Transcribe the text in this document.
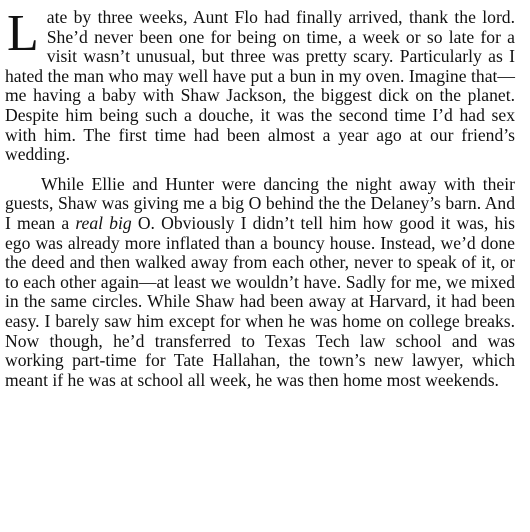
Late by three weeks, Aunt Flo had finally arrived, thank the lord. She’d never been one for being on time, a week or so late for a visit wasn’t unusual, but three was pretty scary. Particularly as I hated the man who may well have put a bun in my oven. Imagine that—me having a baby with Shaw Jackson, the biggest dick on the planet. Despite him being such a douche, it was the second time I’d had sex with him. The first time had been almost a year ago at our friend’s wedding.

While Ellie and Hunter were dancing the night away with their guests, Shaw was giving me a big O behind the the Delaney’s barn. And I mean a real big O. Obviously I didn’t tell him how good it was, his ego was already more inflated than a bouncy house. Instead, we’d done the deed and then walked away from each other, never to speak of it, or to each other again—at least we wouldn’t have. Sadly for me, we mixed in the same circles. While Shaw had been away at Harvard, it had been easy. I barely saw him except for when he was home on college breaks. Now though, he’d transferred to Texas Tech law school and was working part-time for Tate Hallahan, the town’s new lawyer, which meant if he was at school all week, he was then home most weekends.
